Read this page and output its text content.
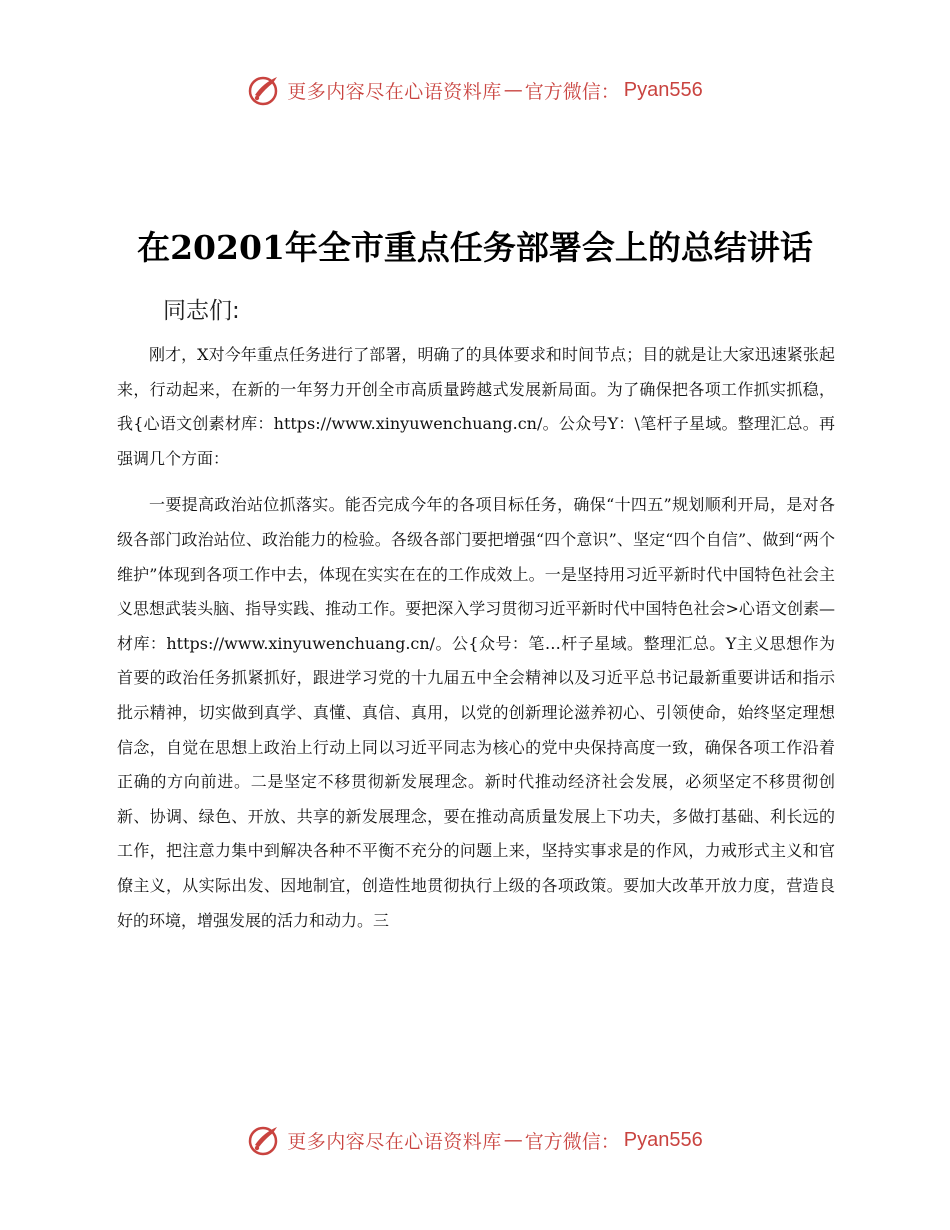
更多内容尽在心语资料库 — 官方微信： Pyan556
在20201年全市重点任务部署会上的总结讲话
同志们:

刚才，X对今年重点任务进行了部署，明确了的具体要求和时间节点；目的就是让大家迅速紧张起来，行动起来，在新的一年努力开创全市高质量跨越式发展新局面。为了确保把各项工作抓实抓稳，我{心语文创素材库：https://www.xinyuwenchuang.cn/。公众号Y：\笔杆子星域。整理汇总。再强调几个方面：

一要提高政治站位抓落实。能否完成今年的各项目标任务，确保“十四五”规划顺利开局，是对各级各部门政治站位、政治能力的检验。各级各部门要把增强“四个意识”、坚定“四个自信”、做到“两个维护”体现到各项工作中去，体现在实实在在的工作成效上。一是坚持用习近平新时代中国特色社会主义思想武装头脑、指导实践、推动工作。要把深入学习贯彻习近平新时代中国特色社会>心语文创素—材库：https://www.xinyuwenchuang.cn/。公{众号：笔…杆子星域。整理汇总。Y主义思想作为首要的政治任务抓紧抓好，跟进学习党的十九届五中全会精神以及习近平总书记最新重要讲话和指示批示精神，切实做到真学、真懂、真信、真用，以党的创新理论滋养初心、引领使命，始终坚定理想信念，自觉在思想上政治上行动上同以习近平同志为核心的党中央保持高度一致，确保各项工作沿着正确的方向前进。二是坚定不移贯彻新发展理念。新时代推动经济社会发展，必须坚定不移贯彻创新、协调、绿色、开放、共享的新发展理念，要在推动高质量发展上下功夫，多做打基础、利长远的工作，把注意力集中到解决各种不平衡不充分的问题上来，坚持实事求是的作风，力戒形式主义和官僚主义，从实际出发、因地制宜，创造性地贯彻执行上级的各项政策。要加大改革开放力度，营造良好的环境，增强发展的活力和动力。三

更多内容尽在心语资料库 — 官方微信： Pyan556
